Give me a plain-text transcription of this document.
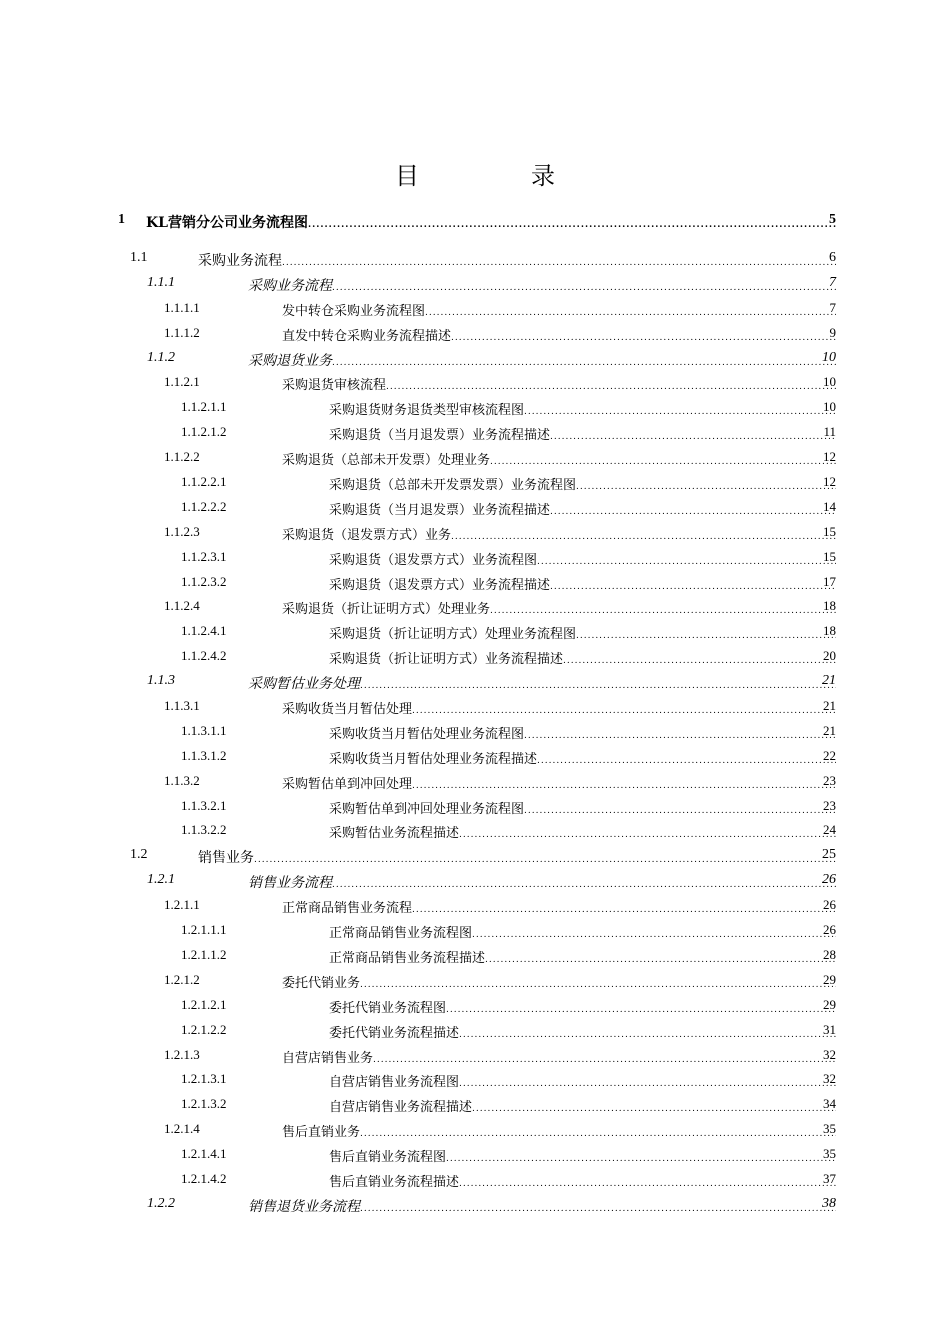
目　录
.....
1 KL营销分公司业务流程图	5
.....
1.1	采购业务流程	6
.....
1.1.1	采购业务流程	7
.....
1.1.1.1	发中转仓采购业务流程图	7
.....
1.1.1.2	直发中转仓采购业务流程描述	9
.....
1.1.2	采购退货业务	10
.....
1.1.2.1	采购退货审核流程	10
.....
1.1.2.1.1	采购退货财务退货类型审核流程图	10
.....
1.1.2.1.2	采购退货（当月退发票）业务流程描述	11
.....
1.1.2.2	采购退货（总部未开发票）处理业务	12
.....
1.1.2.2.1	采购退货（总部未开发票发票）业务流程图	12
.....
1.1.2.2.2	采购退货（当月退发票）业务流程描述	14
.....
1.1.2.3	采购退货（退发票方式）业务	15
.....
1.1.2.3.1	采购退货（退发票方式）业务流程图	15
.....
1.1.2.3.2	采购退货（退发票方式）业务流程描述	17
.....
1.1.2.4	采购退货（折让证明方式）处理业务	18
.....
1.1.2.4.1	采购退货（折让证明方式）处理业务流程图	18
.....
1.1.2.4.2	采购退货（折让证明方式）业务流程描述	20
.....
1.1.3	采购暂估业务处理	21
.....
1.1.3.1	采购收货当月暂估处理	21
.....
1.1.3.1.1	采购收货当月暂估处理业务流程图	21
.....
1.1.3.1.2	采购收货当月暂估处理业务流程描述	22
.....
1.1.3.2	采购暂估单到冲回处理	23
.....
1.1.3.2.1	采购暂估单到冲回处理业务流程图	23
.....
1.1.3.2.2	采购暂估业务流程描述	24
.....
1.2	销售业务	25
.....
1.2.1	销售业务流程	26
.....
1.2.1.1	正常商品销售业务流程	26
.....
1.2.1.1.1	正常商品销售业务流程图	26
.....
1.2.1.1.2	正常商品销售业务流程描述	28
.....
1.2.1.2	委托代销业务	29
.....
1.2.1.2.1	委托代销业务流程图	29
.....
1.2.1.2.2	委托代销业务流程描述	31
.....
1.2.1.3	自营店销售业务	32
.....
1.2.1.3.1	自营店销售业务流程图	32
.....
1.2.1.3.2	自营店销售业务流程描述	34
.....
1.2.1.4	售后直销业务	35
.....
1.2.1.4.1	售后直销业务流程图	35
.....
1.2.1.4.2	售后直销业务流程描述	37
.....
1.2.2	销售退货业务流程	38
